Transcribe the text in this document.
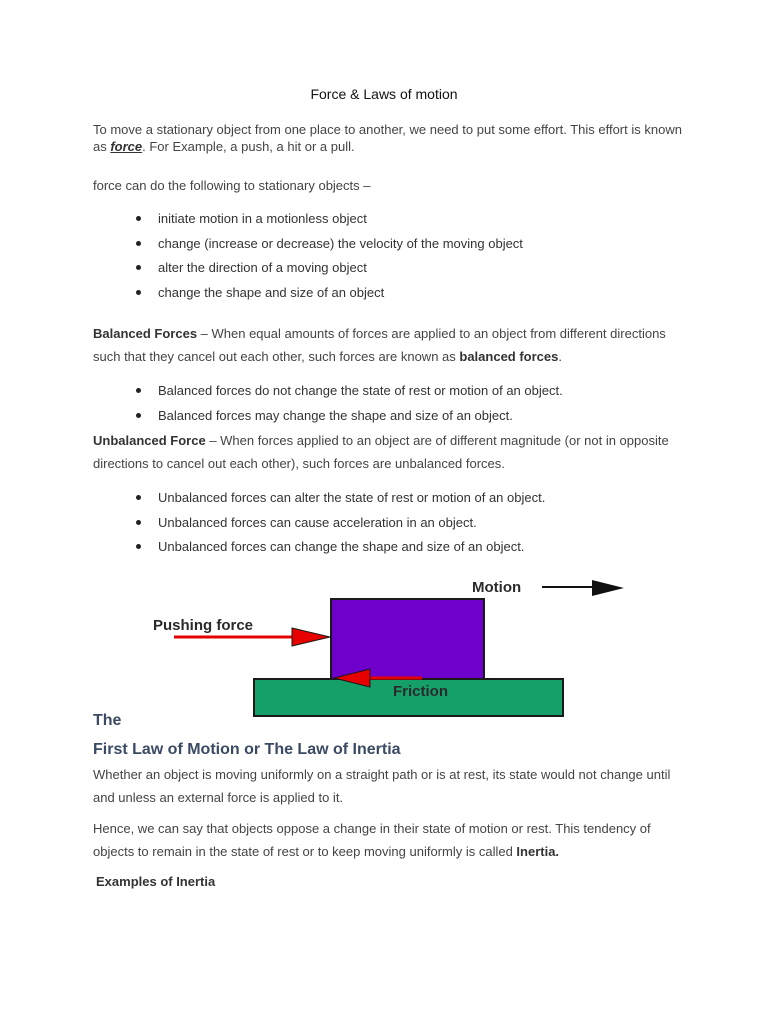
Force & Laws of motion
To move a stationary object from one place to another, we need to put some effort. This effort is known as force. For Example, a push, a hit or a pull.
force can do the following to stationary objects –
initiate motion in a motionless object
change (increase or decrease) the velocity of the moving object
alter the direction of a moving object
change the shape and size of an object
Balanced Forces – When equal amounts of forces are applied to an object from different directions such that they cancel out each other, such forces are known as balanced forces.
Balanced forces do not change the state of rest or motion of an object.
Balanced forces may change the shape and size of an object.
Unbalanced Force – When forces applied to an object are of different magnitude (or not in opposite directions to cancel out each other), such forces are unbalanced forces.
Unbalanced forces can alter the state of rest or motion of an object.
Unbalanced forces can cause acceleration in an object.
Unbalanced forces can change the shape and size of an object.
Motion
Pushing force
Friction
The
First Law of Motion or The Law of Inertia
Whether an object is moving uniformly on a straight path or is at rest, its state would not change until and unless an external force is applied to it.
Hence, we can say that objects oppose a change in their state of motion or rest. This tendency of objects to remain in the state of rest or to keep moving uniformly is called Inertia.
Examples of Inertia
